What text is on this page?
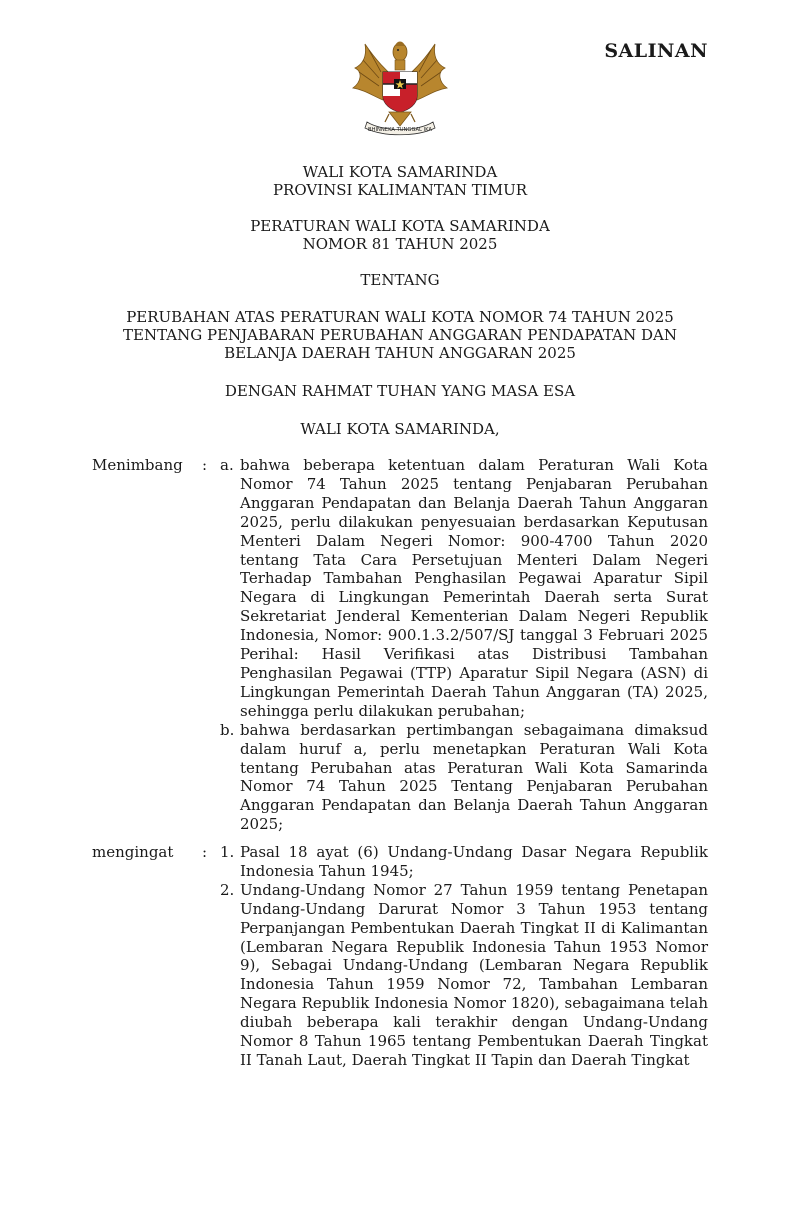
SALINAN
BHINNEKA TUNGGAL IKA
WALI KOTA SAMARINDA
PROVINSI KALIMANTAN TIMUR
PERATURAN WALI KOTA SAMARINDA
NOMOR 81 TAHUN 2025
TENTANG
PERUBAHAN ATAS PERATURAN WALI KOTA NOMOR 74 TAHUN 2025
TENTANG PENJABARAN PERUBAHAN ANGGARAN PENDAPATAN DAN
BELANJA DAERAH TAHUN ANGGARAN 2025
DENGAN RAHMAT TUHAN YANG MASA ESA
WALI KOTA SAMARINDA,
Menimbang	: a. bahwa beberapa ketentuan dalam Peraturan Wali Kota Nomor 74 Tahun 2025 tentang Penjabaran Perubahan Anggaran Pendapatan dan Belanja Daerah Tahun Anggaran 2025, perlu dilakukan penyesuaian berdasarkan Keputusan Menteri Dalam Negeri Nomor: 900-4700 Tahun 2020 tentang Tata Cara Persetujuan Menteri Dalam Negeri Terhadap Tambahan Penghasilan Pegawai Aparatur Sipil Negara di Lingkungan Pemerintah Daerah serta Surat Sekretariat Jenderal Kementerian Dalam Negeri Republik Indonesia, Nomor: 900.1.3.2/507/SJ tanggal 3 Februari 2025 Perihal: Hasil Verifikasi atas Distribusi Tambahan Penghasilan Pegawai (TTP) Aparatur Sipil Negara (ASN) di Lingkungan Pemerintah Daerah Tahun Anggaran (TA) 2025, sehingga perlu dilakukan perubahan;
b. bahwa berdasarkan pertimbangan sebagaimana dimaksud dalam huruf a, perlu menetapkan Peraturan Wali Kota tentang Perubahan atas Peraturan Wali Kota Samarinda Nomor 74 Tahun 2025 Tentang Penjabaran Perubahan Anggaran Pendapatan dan Belanja Daerah Tahun Anggaran 2025;
mengingat	: 1. Pasal 18 ayat (6) Undang-Undang Dasar Negara Republik Indonesia Tahun 1945;
2. Undang-Undang Nomor 27 Tahun 1959 tentang Penetapan Undang-Undang Darurat Nomor 3 Tahun 1953 tentang Perpanjangan Pembentukan Daerah Tingkat II di Kalimantan (Lembaran Negara Republik Indonesia Tahun 1953 Nomor 9), Sebagai Undang-Undang (Lembaran Negara Republik Indonesia Tahun 1959 Nomor 72, Tambahan Lembaran Negara Republik Indonesia Nomor 1820), sebagaimana telah diubah beberapa kali terakhir dengan Undang-Undang Nomor 8 Tahun 1965 tentang Pembentukan Daerah Tingkat II Tanah Laut, Daerah Tingkat II Tapin dan Daerah Tingkat
